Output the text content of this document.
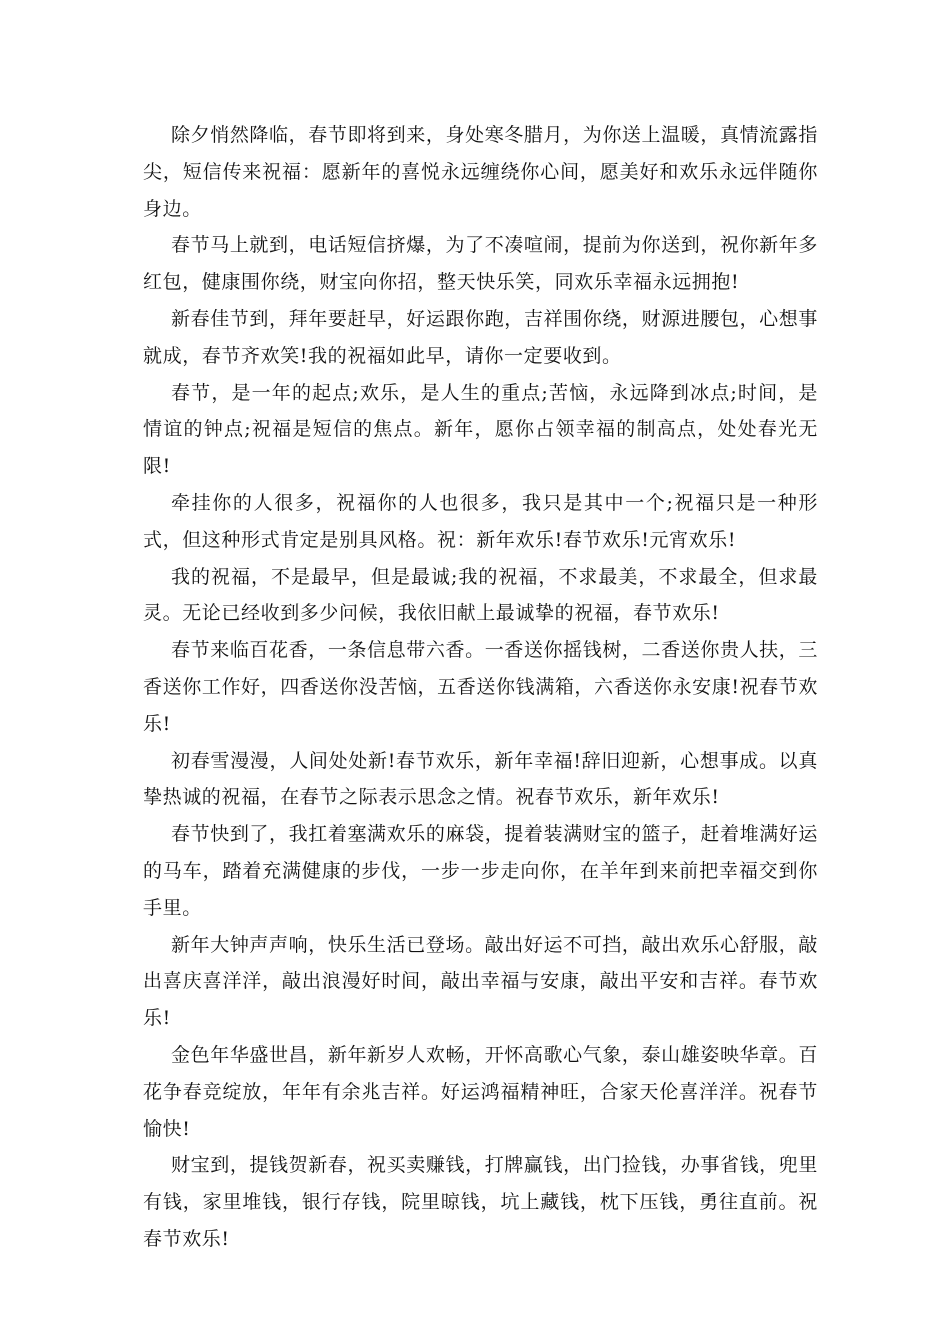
除夕悄然降临，春节即将到来，身处寒冬腊月，为你送上温暖，真情流露指尖，短信传来祝福：愿新年的喜悦永远缠绕你心间，愿美好和欢乐永远伴随你身边。

春节马上就到，电话短信挤爆，为了不凑喧闹，提前为你送到，祝你新年多红包，健康围你绕，财宝向你招，整天快乐笑，同欢乐幸福永远拥抱!

新春佳节到，拜年要赶早，好运跟你跑，吉祥围你绕，财源进腰包，心想事就成，春节齐欢笑!我的祝福如此早，请你一定要收到。

春节，是一年的起点;欢乐，是人生的重点;苦恼，永远降到冰点;时间，是情谊的钟点;祝福是短信的焦点。新年，愿你占领幸福的制高点，处处春光无限!

牵挂你的人很多，祝福你的人也很多，我只是其中一个;祝福只是一种形式，但这种形式肯定是别具风格。祝：新年欢乐!春节欢乐!元宵欢乐!

我的祝福，不是最早，但是最诚;我的祝福，不求最美，不求最全，但求最灵。无论已经收到多少问候，我依旧献上最诚挚的祝福，春节欢乐!

春节来临百花香，一条信息带六香。一香送你摇钱树，二香送你贵人扶，三香送你工作好，四香送你没苦恼，五香送你钱满箱，六香送你永安康!祝春节欢乐!

初春雪漫漫，人间处处新!春节欢乐，新年幸福!辞旧迎新，心想事成。以真挚热诚的祝福，在春节之际表示思念之情。祝春节欢乐，新年欢乐!

春节快到了，我扛着塞满欢乐的麻袋，提着装满财宝的篮子，赶着堆满好运的马车，踏着充满健康的步伐，一步一步走向你，在羊年到来前把幸福交到你手里。

新年大钟声声响，快乐生活已登场。敲出好运不可挡，敲出欢乐心舒服，敲出喜庆喜洋洋，敲出浪漫好时间，敲出幸福与安康，敲出平安和吉祥。春节欢乐!

金色年华盛世昌，新年新岁人欢畅，开怀高歌心气象，泰山雄姿映华章。百花争春竞绽放，年年有余兆吉祥。好运鸿福精神旺，合家天伦喜洋洋。祝春节愉快!

财宝到，提钱贺新春，祝买卖赚钱，打牌赢钱，出门捡钱，办事省钱，兜里有钱，家里堆钱，银行存钱，院里晾钱，坑上藏钱，枕下压钱，勇往直前。祝春节欢乐!
